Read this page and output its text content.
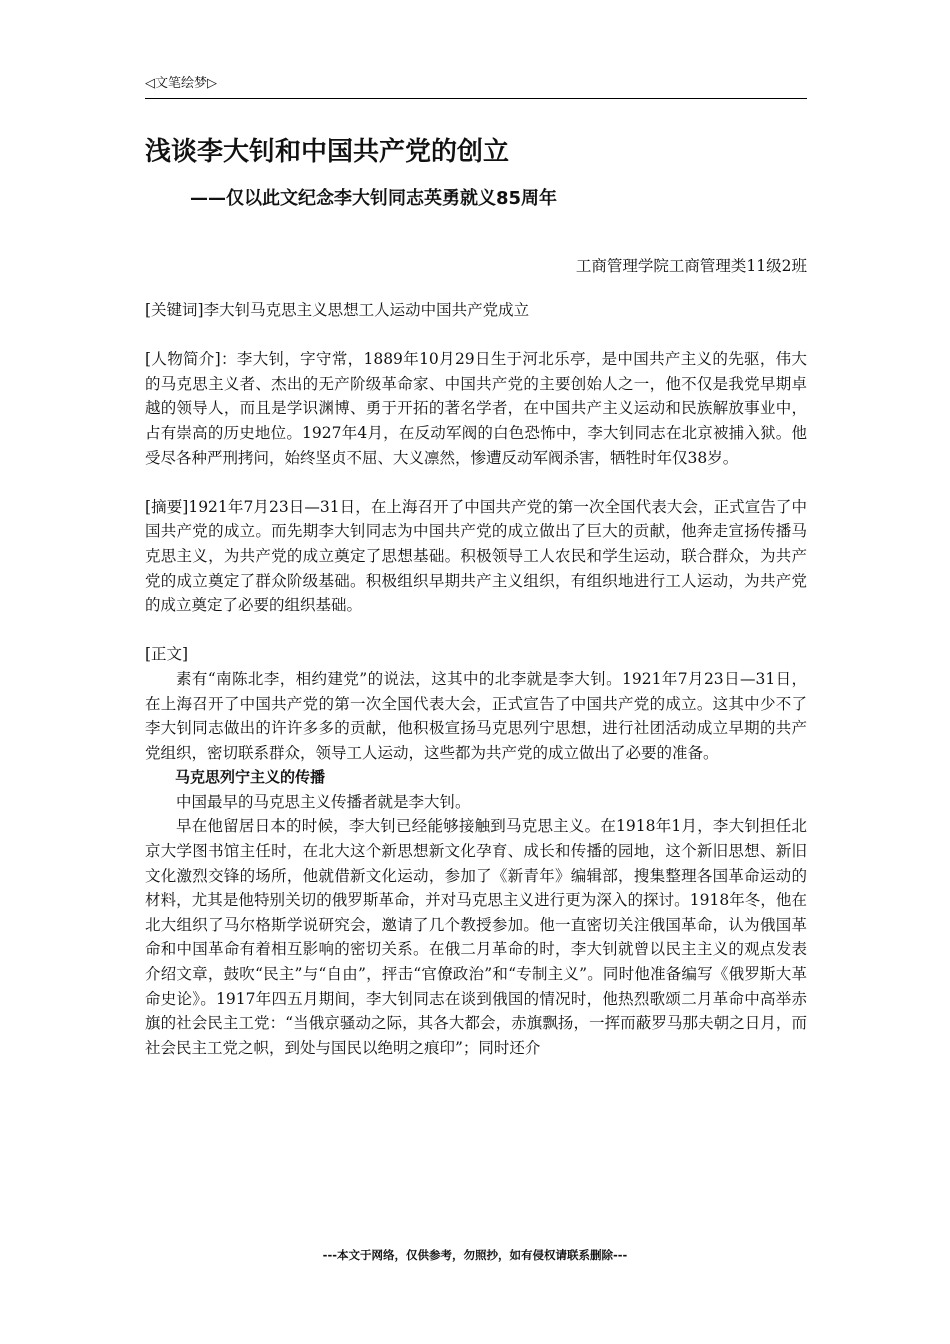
◁文笔绘梦▷
浅谈李大钊和中国共产党的创立
——仅以此文纪念李大钊同志英勇就义85周年
工商管理学院工商管理类11级2班

[关键词]李大钊马克思主义思想工人运动中国共产党成立

[人物简介]：李大钊，字守常，1889年10月29日生于河北乐亭，是中国共产主义的先驱，伟大的马克思主义者、杰出的无产阶级革命家、中国共产党的主要创始人之一，他不仅是我党早期卓越的领导人，而且是学识渊博、勇于开拓的著名学者，在中国共产主义运动和民族解放事业中，占有崇高的历史地位。1927年4月，在反动军阀的白色恐怖中，李大钊同志在北京被捕入狱。他受尽各种严刑拷问，始终坚贞不屈、大义凛然，惨遭反动军阀杀害，牺牲时年仅38岁。

[摘要]1921年7月23日—31日，在上海召开了中国共产党的第一次全国代表大会，正式宣告了中国共产党的成立。而先期李大钊同志为中国共产党的成立做出了巨大的贡献，他奔走宣扬传播马克思主义，为共产党的成立奠定了思想基础。积极领导工人农民和学生运动，联合群众，为共产党的成立奠定了群众阶级基础。积极组织早期共产主义组织，有组织地进行工人运动，为共产党的成立奠定了必要的组织基础。

[正文]

素有“南陈北李，相约建党”的说法，这其中的北李就是李大钊。1921年7月23日—31日，在上海召开了中国共产党的第一次全国代表大会，正式宣告了中国共产党的成立。这其中少不了李大钊同志做出的许许多多的贡献，他积极宣扬马克思列宁思想，进行社团活动成立早期的共产党组织，密切联系群众，领导工人运动，这些都为共产党的成立做出了必要的准备。

马克思列宁主义的传播

中国最早的马克思主义传播者就是李大钊。

早在他留居日本的时候，李大钊已经能够接触到马克思主义。在1918年1月，李大钊担任北京大学图书馆主任时，在北大这个新思想新文化孕育、成长和传播的园地，这个新旧思想、新旧文化激烈交锋的场所，他就借新文化运动，参加了《新青年》编辑部，搜集整理各国革命运动的材料，尤其是他特别关切的俄罗斯革命，并对马克思主义进行更为深入的探讨。1918年冬，他在北大组织了马尔格斯学说研究会，邀请了几个教授参加。他一直密切关注俄国革命，认为俄国革命和中国革命有着相互影响的密切关系。在俄二月革命的时，李大钊就曾以民主主义的观点发表介绍文章，鼓吹“民主”与“自由”，抨击“官僚政治”和“专制主义”。同时他准备编写《俄罗斯大革命史论》。1917年四五月期间，李大钊同志在谈到俄国的情况时，他热烈歌颂二月革命中高举赤旗的社会民主工党：“当俄京骚动之际，其各大都会，赤旗飘扬，一挥而蔽罗马那夫朝之日月，而社会民主工党之帜，到处与国民以绝明之痕印”；同时还介

---本文于网络，仅供参考，勿照抄，如有侵权请联系删除---
